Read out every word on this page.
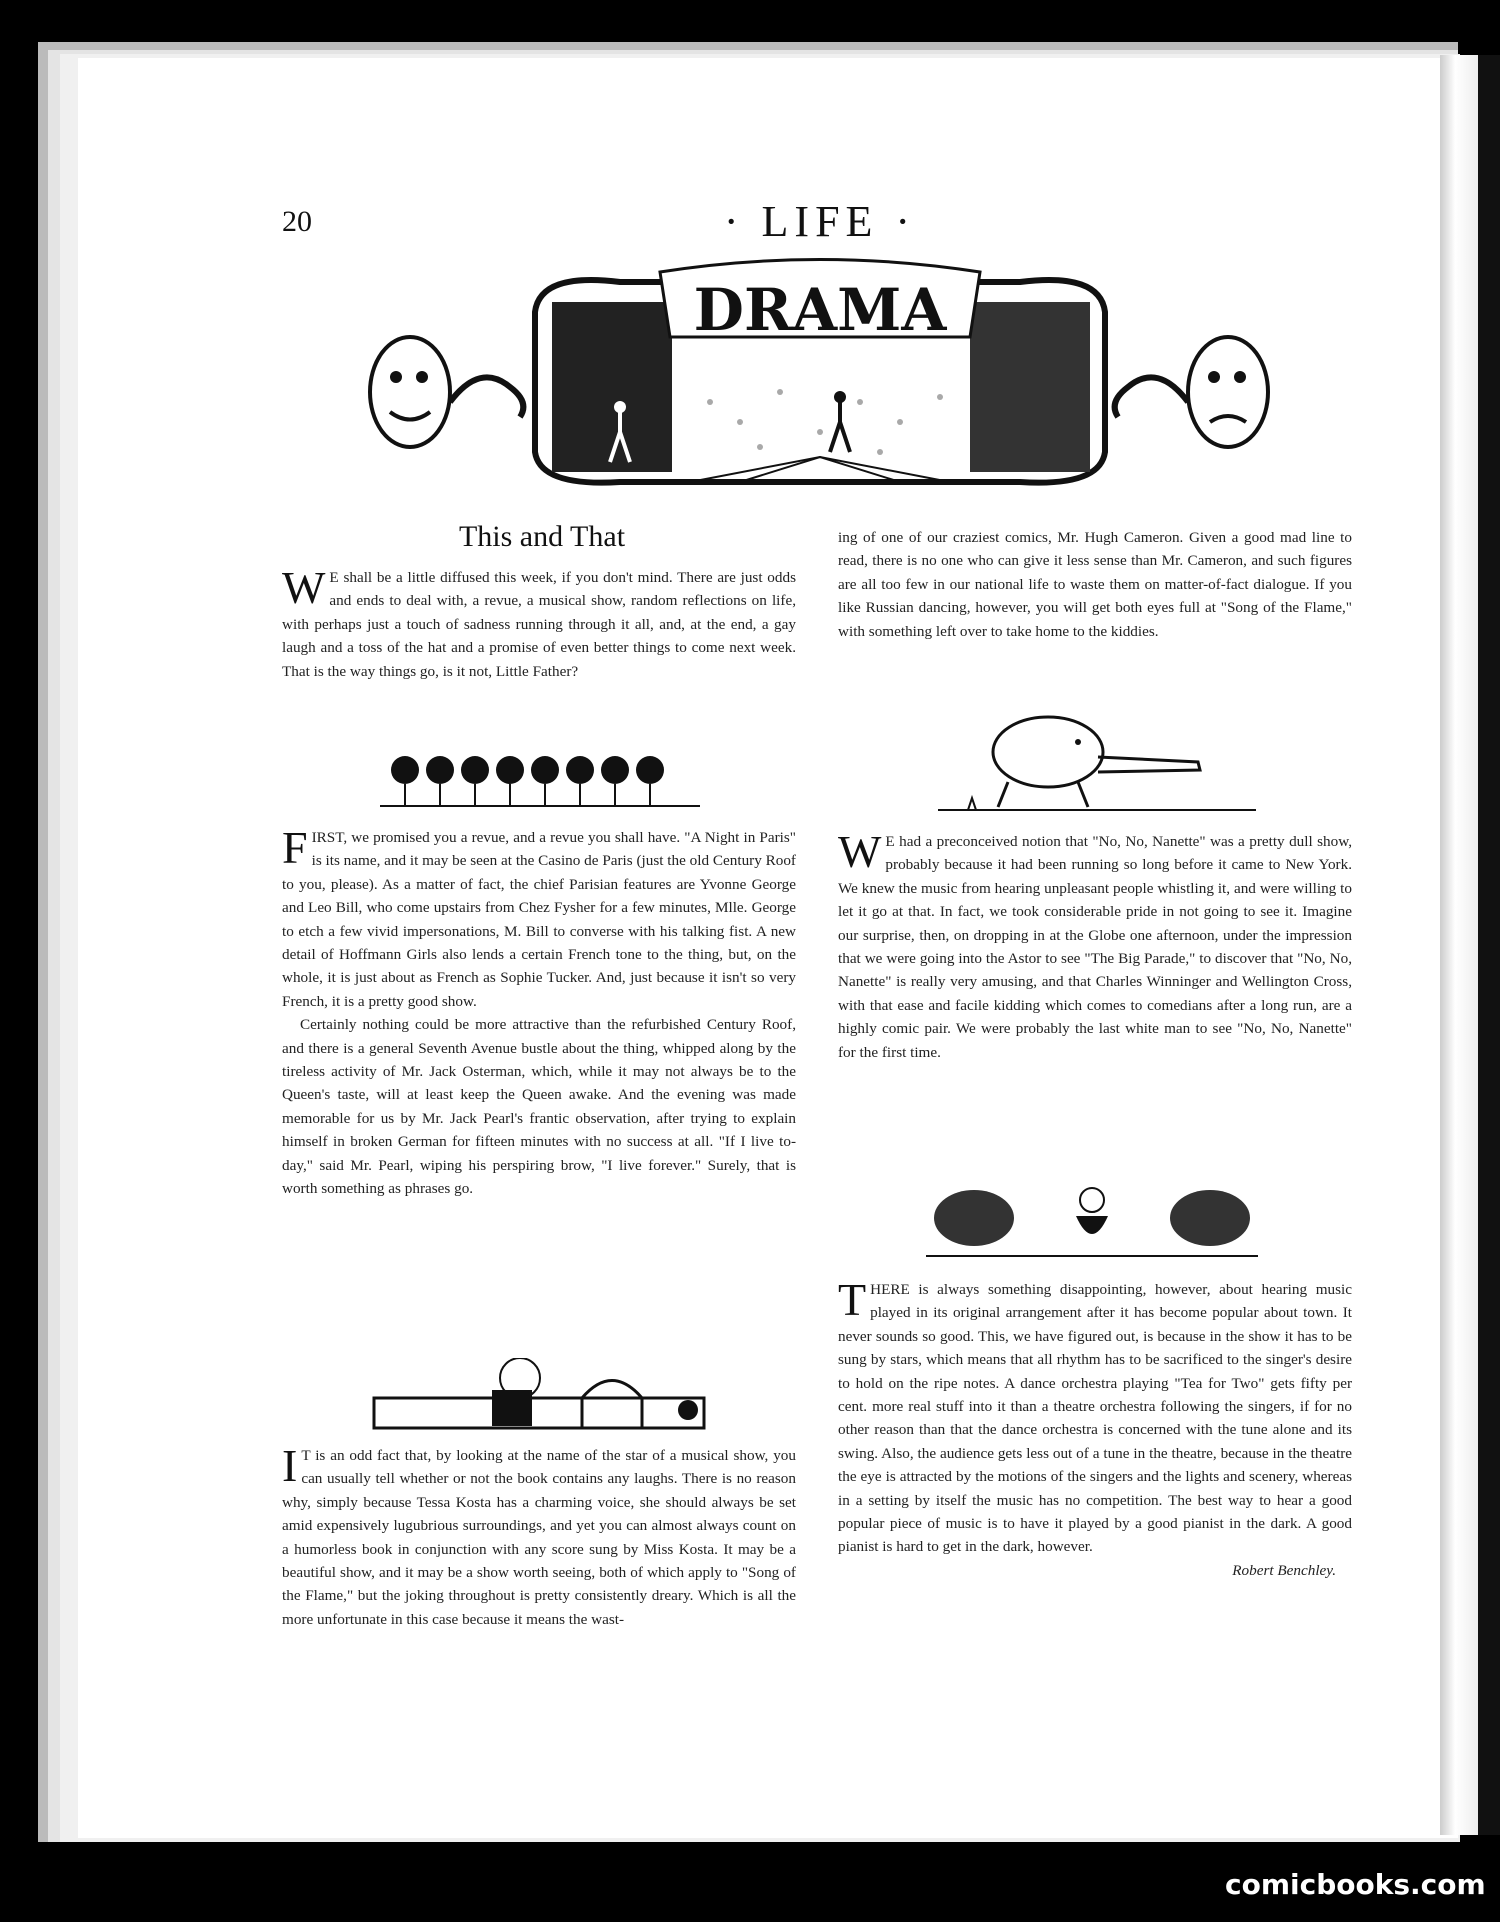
20	· LIFE ·
DRAMA
This and That

W E shall be a little diffused this week, if you don't mind. There are just odds and ends to deal with, a revue, a musical show, random reflections on life, with perhaps just a touch of sadness running through it all, and, at the end, a gay laugh and a toss of the hat and a promise of even better things to come next week. That is the way things go, is it not, Little Father?

FIRST, we promised you a revue, and a revue you shall have. "A Night in Paris" is its name, and it may be seen at the Casino de Paris (just the old Century Roof to you, please). As a matter of fact, the chief Parisian features are Yvonne George and Leo Bill, who come upstairs from Chez Fysher for a few minutes, Mlle. George to etch a few vivid impersonations, M. Bill to converse with his talking fist. A new detail of Hoffmann Girls also lends a certain French tone to the thing, but, on the whole, it is just about as French as Sophie Tucker. And, just because it isn't so very French, it is a pretty good show.

Certainly nothing could be more attractive than the refurbished Century Roof, and there is a general Seventh Avenue bustle about the thing, whipped along by the tireless activity of Mr. Jack Osterman, which, while it may not always be to the Queen's taste, will at least keep the Queen awake. And the evening was made memorable for us by Mr. Jack Pearl's frantic observation, after trying to explain himself in broken German for fifteen minutes with no success at all. "If I live to-day," said Mr. Pearl, wiping his perspiring brow, "I live forever." Surely, that is worth something as phrases go.

I T is an odd fact that, by looking at the name of the star of a musical show, you can usually tell whether or not the book contains any laughs. There is no reason why, simply because Tessa Kosta has a charming voice, she should always be set amid expensively lugubrious surroundings, and yet you can almost always count on a humorless book in conjunction with any score sung by Miss Kosta. It may be a beautiful show, and it may be a show worth seeing, both of which apply to "Song of the Flame," but the joking throughout is pretty consistently dreary. Which is all the more unfortunate in this case because it means the wast-

ing of one of our craziest comics, Mr. Hugh Cameron. Given a good mad line to read, there is no one who can give it less sense than Mr. Cameron, and such figures are all too few in our national life to waste them on matter-of-fact dialogue. If you like Russian dancing, however, you will get both eyes full at "Song of the Flame," with something left over to take home to the kiddies.

W E had a preconceived notion that "No, No, Nanette" was a pretty dull show, probably because it had been running so long before it came to New York. We knew the music from hearing unpleasant people whistling it, and were willing to let it go at that. In fact, we took considerable pride in not going to see it. Imagine our surprise, then, on dropping in at the Globe one afternoon, under the impression that we were going into the Astor to see "The Big Parade," to discover that "No, No, Nanette" is really very amusing, and that Charles Winninger and Wellington Cross, with that ease and facile kidding which comes to comedians after a long run, are a highly comic pair. We were probably the last white man to see "No, No, Nanette" for the first time.

THERE is always something disappointing, however, about hearing music played in its original arrangement after it has become popular about town. It never sounds so good. This, we have figured out, is because in the show it has to be sung by stars, which means that all rhythm has to be sacrificed to the singer's desire to hold on the ripe notes. A dance orchestra playing "Tea for Two" gets fifty per cent. more real stuff into it than a theatre orchestra following the singers, if for no other reason than that the dance orchestra is concerned with the tune alone and its swing. Also, the audience gets less out of a tune in the theatre, because in the theatre the eye is attracted by the motions of the singers and the lights and scenery, whereas in a setting by itself the music has no competition. The best way to hear a good popular piece of music is to have it played by a good pianist in the dark. A good pianist is hard to get in the dark, however.

Robert Benchley.

comicbooks.com
